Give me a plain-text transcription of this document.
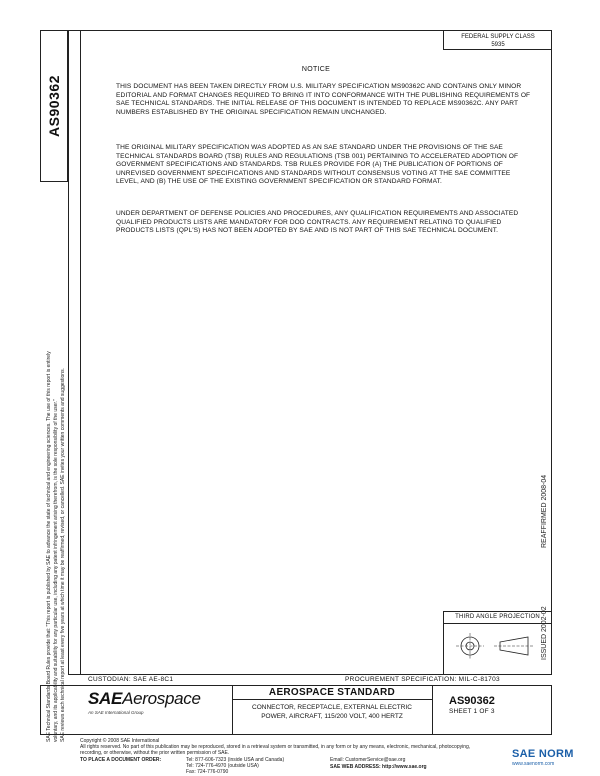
AS90362
FEDERAL SUPPLY CLASS
5935
NOTICE
THIS DOCUMENT HAS BEEN TAKEN DIRECTLY FROM U.S. MILITARY SPECIFICATION MS90362C AND CONTAINS ONLY MINOR EDITORIAL AND FORMAT CHANGES REQUIRED TO BRING IT INTO CONFORMANCE WITH THE PUBLISHING REQUIREMENTS OF SAE TECHNICAL STANDARDS. THE INITIAL RELEASE OF THIS DOCUMENT IS INTENDED TO REPLACE MS90362C. ANY PART NUMBERS ESTABLISHED BY THE ORIGINAL SPECIFICATION REMAIN UNCHANGED.
THE ORIGINAL MILITARY SPECIFICATION WAS ADOPTED AS AN SAE STANDARD UNDER THE PROVISIONS OF THE SAE TECHNICAL STANDARDS BOARD (TSB) RULES AND REGULATIONS (TSB 001) PERTAINING TO ACCELERATED ADOPTION OF GOVERNMENT SPECIFICATIONS AND STANDARDS. TSB RULES PROVIDE FOR (A) THE PUBLICATION OF PORTIONS OF UNREVISED GOVERNMENT SPECIFICATIONS AND STANDARDS WITHOUT CONSENSUS VOTING AT THE SAE COMMITTEE LEVEL, AND (B) THE USE OF THE EXISTING GOVERNMENT SPECIFICATION OR STANDARD FORMAT.
UNDER DEPARTMENT OF DEFENSE POLICIES AND PROCEDURES, ANY QUALIFICATION REQUIREMENTS AND ASSOCIATED QUALIFIED PRODUCTS LISTS ARE MANDATORY FOR DOD CONTRACTS. ANY REQUIREMENT RELATING TO QUALIFIED PRODUCTS LISTS (QPL'S) HAS NOT BEEN ADOPTED BY SAE AND IS NOT PART OF THIS SAE TECHNICAL DOCUMENT.
SAE Technical Standards Board Rules provide that: "This report is published by SAE to advance the state of technical and engineering sciences. The use of this report is entirely voluntary, and its applicability and suitability for any particular use, including any patent infringement arising therefrom, is the sole responsibility of the user." SAE reviews each technical report at least every five years at which time it may be reaffirmed, revised, or cancelled. SAE invites your written comments and suggestions.	REAFFIRMED 2008-04
ISSUED 2002-02
THIRD ANGLE PROJECTION
CUSTODIAN: SAE AE-8C1	PROCUREMENT SPECIFICATION: MIL-C-81703
SAEAerospace
An SAE International Group
AEROSPACE STANDARD
CONNECTOR, RECEPTACLE, EXTERNAL ELECTRIC
POWER, AIRCRAFT, 115/200 VOLT, 400 HERTZ
AS90362
SHEET 1 OF 3
Copyright © 2008 SAE International
All rights reserved. No part of this publication may be reproduced, stored in a retrieval system or transmitted, in any form or by any means, electronic, mechanical, photocopying,
recording, or otherwise, without the prior written permission of SAE.
TO PLACE A DOCUMENT ORDER:	Tel: 877-606-7323 (inside USA and Canada)
Tel: 724-776-4970 (outside USA)
Fax: 724-776-0790
Email: CustomerService@sae.org
SAE WEB ADDRESS: http://www.sae.org
SAE NORM
www.saenorm.com
